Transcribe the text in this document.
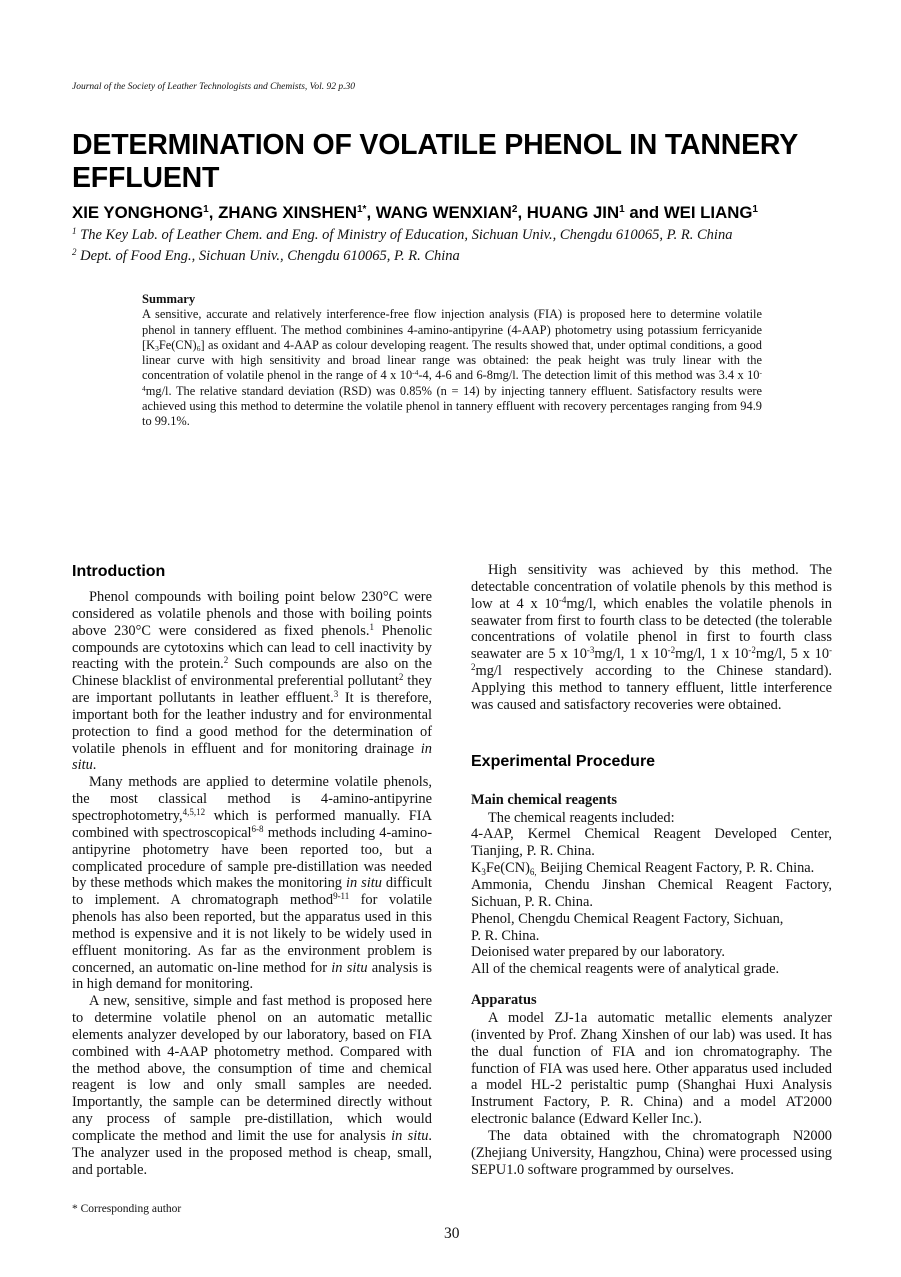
Journal of the Society of Leather Technologists and Chemists, Vol. 92 p.30
DETERMINATION OF VOLATILE PHENOL IN TANNERY EFFLUENT
XIE YONGHONG$^1$, ZHANG $XINSHEN^{1*}$, WANG WENXIAN$^2$, HUANG JIN$^1$ and WEI LIANG$^1$
$^1$ The Key Lab. of Leather Chem. and Eng. of Ministry of Education, Sichuan Univ., Chengdu 610065, P. R. China
$^2$ Dept. of Food Eng., Sichuan Univ., Chengdu 610065, P. R. China
Summary

A sensitive, accurate and relatively interference-free flow injection analysis (FIA) is proposed here to determine volatile phenol in tannery effluent. The method combinines 4-amino-antipyrine (4-AAP) photometry using potassium ferricyanide $[K_3Fe(CN)_6]$ as oxidant and 4-AAP as colour developing reagent. The results showed that, under optimal conditions, a good linear curve with high sensitivity and broad linear range was obtained: the peak height was truly linear with the concentration of volatile phenol in the range of 4 x $10^{-4}-4$, 4-6 and 6-8mg/l. The detection limit of this method was 3.4 x $10^{-4}mg/l$. The relative standard deviation (RSD) was 0.85% (n = 14) by injecting tannery effluent. Satisfactory results were achieved using this method to determine the volatile phenol in tannery effluent with recovery percentages ranging from 94.9 to 99.1%.

Introduction

Phenol compounds with boiling point below 230°C were considered as volatile phenols and those with boiling points above 230°C were considered as fixed phenols.$^1$ Phenolic compounds are cytotoxins which can lead to cell inactivity by reacting with the protein.$^2$ Such compounds are also on the Chinese blacklist of environmental preferential pollutant$^2$ they are important pollutants in leather effluent.$^3$ It is therefore, important both for the leather industry and for environmental protection to find a good method for the determination of volatile phenols in effluent and for monitoring drainage in situ.

Many methods are applied to determine volatile phenols, the most classical method is 4-amino-antipyrine spectrophotometry,$^{4,5,12}$ which is performed manually. FIA combined with spectroscopical$^{6-8}$ methods including 4-amino-antipyrine photometry have been reported too, but a complicated procedure of sample pre-distillation was needed by these methods which makes the monitoring in situ difficult to implement. A chromatograph method$^{9-11}$ for volatile phenols has also been reported, but the apparatus used in this method is expensive and it is not likely to be widely used in effluent monitoring. As far as the environment problem is concerned, an automatic on-line method for in situ analysis is in high demand for monitoring.

A new, sensitive, simple and fast method is proposed here to determine volatile phenol on an automatic metallic elements analyzer developed by our laboratory, based on FIA combined with 4-AAP photometry method. Compared with the method above, the consumption of time and chemical reagent is low and only small samples are needed. Importantly, the sample can be determined directly without any process of sample pre-distillation, which would complicate the method and limit the use for analysis in situ. The analyzer used in the proposed method is cheap, small, and portable.

High sensitivity was achieved by this method. The detectable concentration of volatile phenols by this method is low at 4 x $10^{-4}mg/l$, which enables the volatile phenols in seawater from first to fourth class to be detected (the tolerable concentrations of volatile phenol in first to fourth class seawater are 5 x $10^{-3}mg/l$, 1 x $10^{-2}mg/l$, 1 x $10^{-2}mg/l$, 5 x $10^{-2}mg/l$ respectively according to the Chinese standard). Applying this method to tannery effluent, little interference was caused and satisfactory recoveries were obtained.

Experimental Procedure
Main chemical reagents

The chemical reagents included:

4-AAP, Kermel Chemical Reagent Developed Center, Tianjing, P. R. China.

$K_3Fe(CN)_{6,}$ Beijing Chemical Reagent Factory, P. R. China.

Ammonia, Chendu Jinshan Chemical Reagent Factory, Sichuan, P. R. China.

Phenol, Chengdu Chemical Reagent Factory, Sichuan,
P. R. China.

Deionised water prepared by our laboratory.

All of the chemical reagents were of analytical grade.

Apparatus

A model ZJ-1a automatic metallic elements analyzer (invented by Prof. Zhang Xinshen of our lab) was used. It has the dual function of FIA and ion chromatography. The function of FIA was used here. Other apparatus used included a model HL-2 peristaltic pump (Shanghai Huxi Analysis Instrument Factory, P. R. China) and a model AT2000 electronic balance (Edward Keller Inc.).

The data obtained with the chromatograph N2000 (Zhejiang University, Hangzhou, China) were processed using SEPU1.0 software programmed by ourselves.

* Corresponding author
30
